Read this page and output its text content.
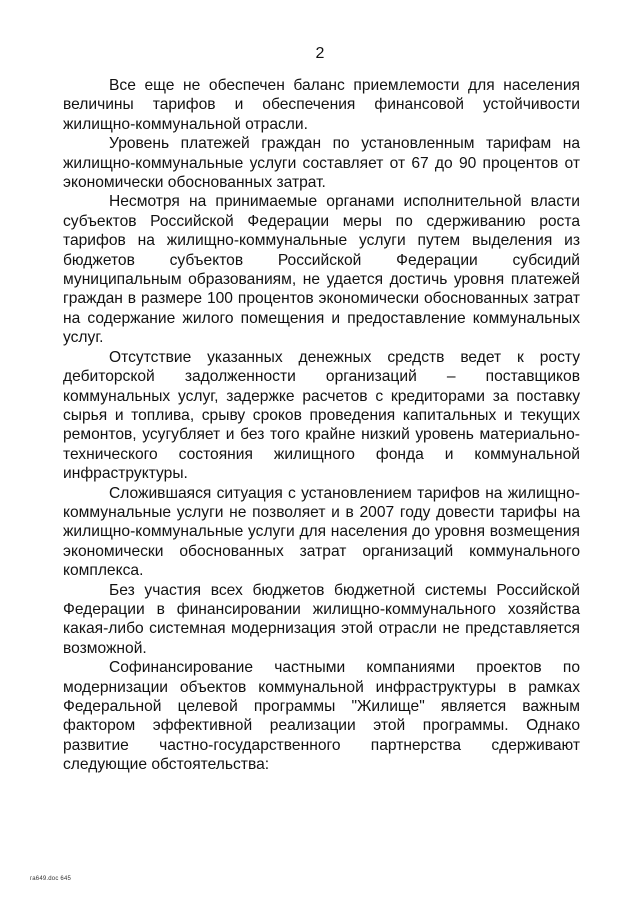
2

Все еще не обеспечен баланс приемлемости для населения величины тарифов и обеспечения финансовой устойчивости жилищно-коммунальной отрасли.

Уровень платежей граждан по установленным тарифам на жилищно-коммунальные услуги составляет от 67 до 90 процентов от экономически обоснованных затрат.

Несмотря на принимаемые органами исполнительной власти субъектов Российской Федерации меры по сдерживанию роста тарифов на жилищно-коммунальные услуги путем выделения из бюджетов субъектов Российской Федерации субсидий муниципальным образованиям, не удается достичь уровня платежей граждан в размере 100 процентов экономически обоснованных затрат на содержание жилого помещения и предоставление коммунальных услуг.

Отсутствие указанных денежных средств ведет к росту дебиторской задолженности организаций – поставщиков коммунальных услуг, задержке расчетов с кредиторами за поставку сырья и топлива, срыву сроков проведения капитальных и текущих ремонтов, усугубляет и без того крайне низкий уровень материально-технического состояния жилищного фонда и коммунальной инфраструктуры.

Сложившаяся ситуация с установлением тарифов на жилищно-коммунальные услуги не позволяет и в 2007 году довести тарифы на жилищно-коммунальные услуги для населения до уровня возмещения экономически обоснованных затрат организаций коммунального комплекса.

Без участия всех бюджетов бюджетной системы Российской Федерации в финансировании жилищно-коммунального хозяйства какая-либо системная модернизация этой отрасли не представляется возможной.

Софинансирование частными компаниями проектов по модернизации объектов коммунальной инфраструктуры в рамках Федеральной целевой программы "Жилище" является важным фактором эффективной реализации этой программы. Однако развитие частно-государственного партнерства сдерживают следующие обстоятельства:

га649.doc 645
